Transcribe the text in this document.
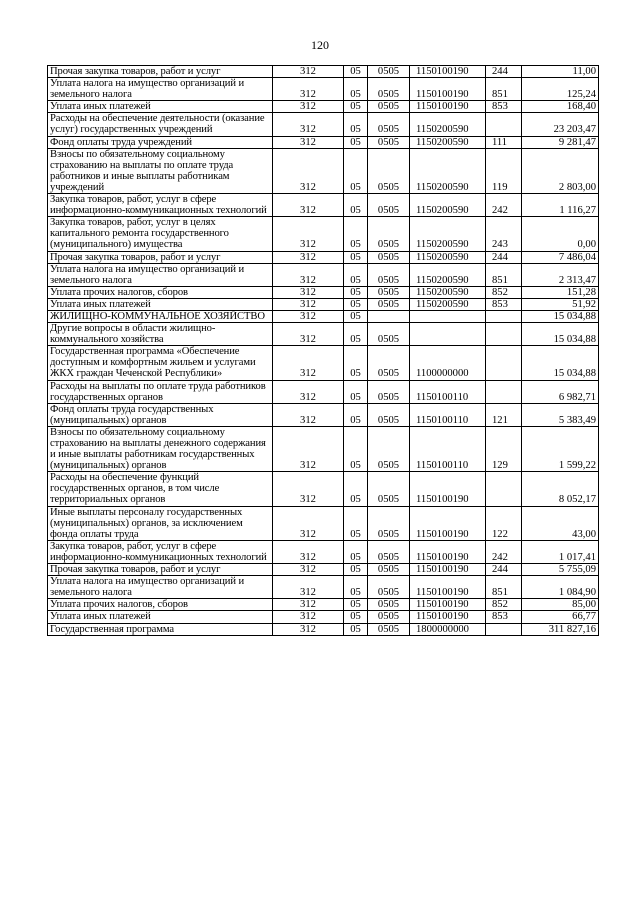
120
Прочая закупка товаров, работ и услуг	312	05	0505	1150100190	244	11,00
Уплата налога на имущество организаций и земельного налога	312	05	0505	1150100190	851	125,24
Уплата иных платежей	312	05	0505	1150100190	853	168,40
Расходы на обеспечение деятельности (оказание услуг) государственных учреждений	312	05	0505	1150200590		23 203,47
Фонд оплаты труда учреждений	312	05	0505	1150200590	111	9 281,47
Взносы по обязательному социальному страхованию на выплаты по оплате труда работников и иные выплаты работникам учреждений	312	05	0505	1150200590	119	2 803,00
Закупка товаров, работ, услуг в сфере информационно-коммуникационных технологий	312	05	0505	1150200590	242	1 116,27
Закупка товаров, работ, услуг в целях капитального ремонта государственного (муниципального) имущества	312	05	0505	1150200590	243	0,00
Прочая закупка товаров, работ и услуг	312	05	0505	1150200590	244	7 486,04
Уплата налога на имущество организаций и земельного налога	312	05	0505	1150200590	851	2 313,47
Уплата прочих налогов, сборов	312	05	0505	1150200590	852	151,28
Уплата иных платежей	312	05	0505	1150200590	853	51,92
ЖИЛИЩНО-КОММУНАЛЬНОЕ ХОЗЯЙСТВО	312	05				15 034,88
Другие вопросы в области жилищно-коммунального хозяйства	312	05	0505			15 034,88
Государственная программа «Обеспечение доступным и комфортным жильем и услугами ЖКХ граждан Чеченской Республики»	312	05	0505	1100000000		15 034,88
Расходы на выплаты по оплате труда работников государственных органов	312	05	0505	1150100110		6 982,71
Фонд оплаты труда государственных (муниципальных) органов	312	05	0505	1150100110	121	5 383,49
Взносы по обязательному социальному страхованию на выплаты денежного содержания и иные выплаты работникам государственных (муниципальных) органов	312	05	0505	1150100110	129	1 599,22
Расходы на обеспечение функций государственных органов, в том числе территориальных органов	312	05	0505	1150100190		8 052,17
Иные выплаты персоналу государственных (муниципальных) органов, за исключением фонда оплаты труда	312	05	0505	1150100190	122	43,00
Закупка товаров, работ, услуг в сфере информационно-коммуникационных технологий	312	05	0505	1150100190	242	1 017,41
Прочая закупка товаров, работ и услуг	312	05	0505	1150100190	244	5 755,09
Уплата налога на имущество организаций и земельного налога	312	05	0505	1150100190	851	1 084,90
Уплата прочих налогов, сборов	312	05	0505	1150100190	852	85,00
Уплата иных платежей	312	05	0505	1150100190	853	66,77
Государственная программа	312	05	0505	1800000000		311 827,16
